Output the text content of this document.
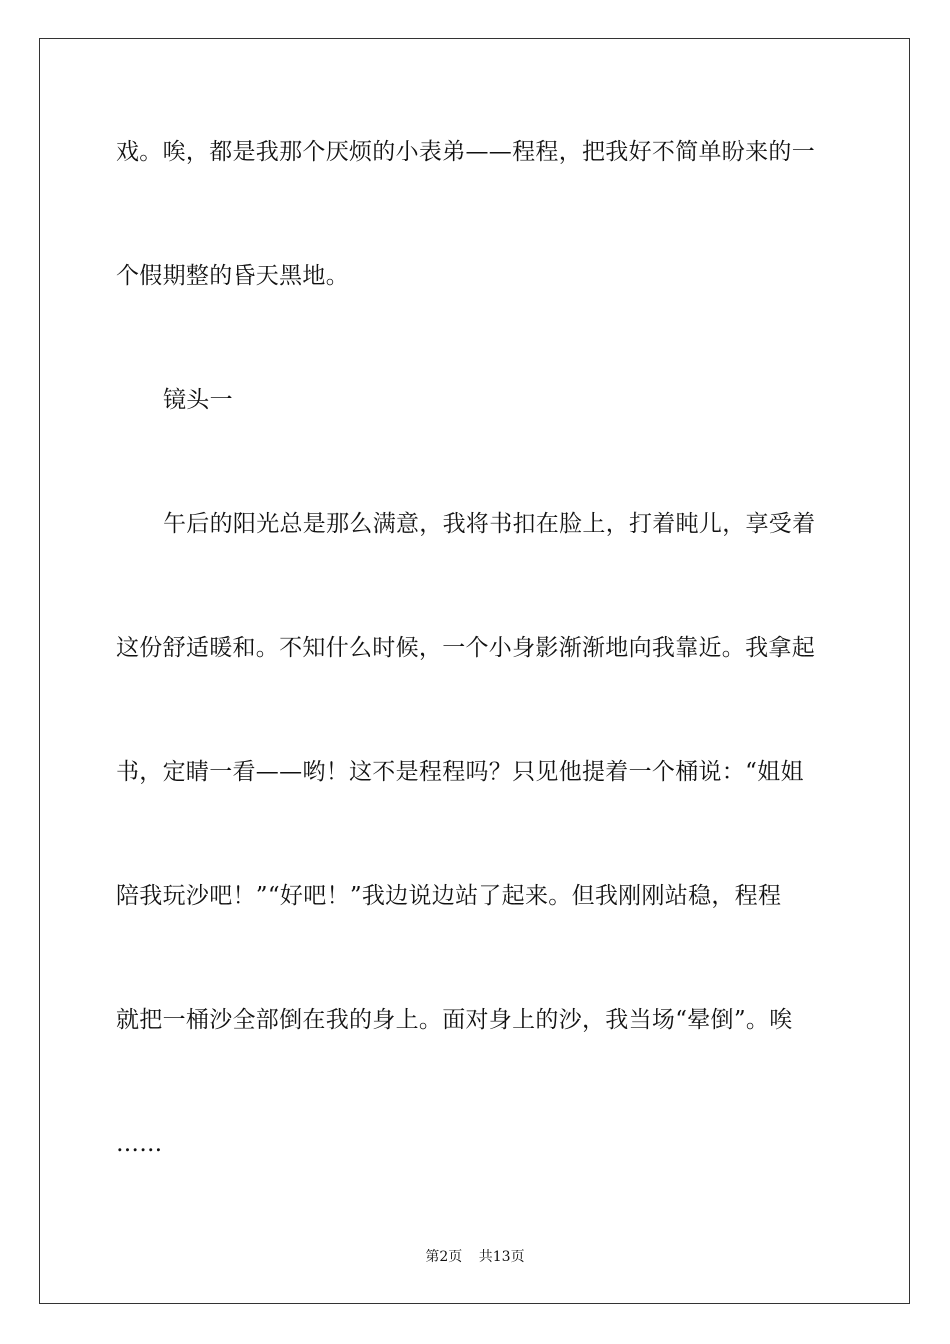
戏。唉，都是我那个厌烦的小表弟——程程，把我好不简单盼来的一
个假期整的昏天黑地。
镜头一
午后的阳光总是那么满意，我将书扣在脸上，打着盹儿，享受着
这份舒适暖和。不知什么时候，一个小身影渐渐地向我靠近。我拿起
书，定睛一看——哟！这不是程程吗？只见他提着一个桶说：“姐姐
陪我玩沙吧！”“好吧！”我边说边站了起来。但我刚刚站稳，程程
就把一桶沙全部倒在我的身上。面对身上的沙，我当场“晕倒”。唉
……
第2页 共13页
